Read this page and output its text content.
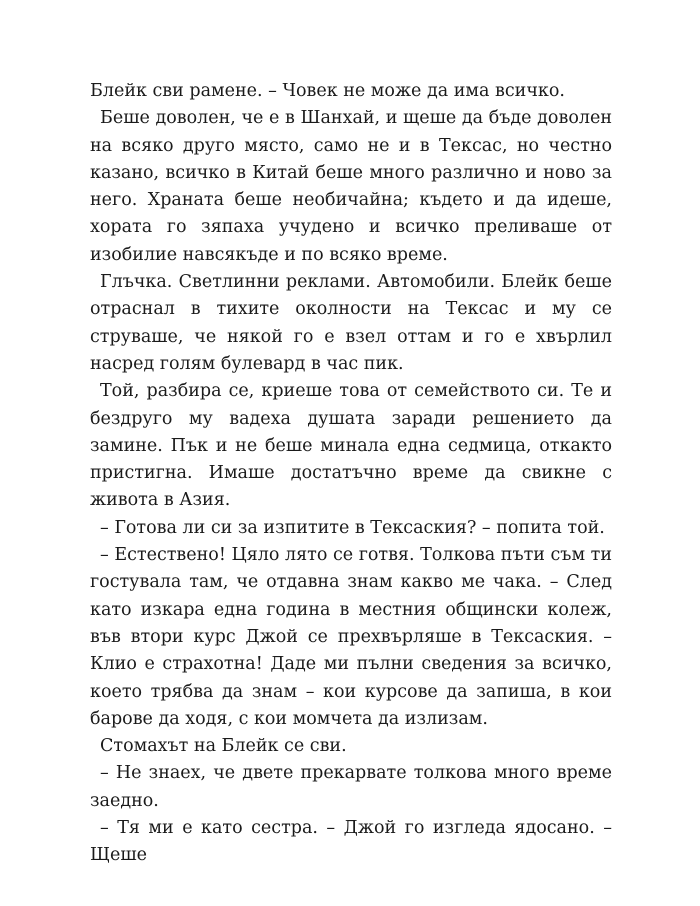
Блейк сви рамене. – Човек не може да има всичко.

Беше доволен, че е в Шанхай, и щеше да бъде доволен на всяко друго място, само не и в Тексас, но честно казано, всичко в Китай беше много различно и ново за него. Храната беше необичайна; където и да идеше, хората го зяпаха учудено и всичко преливаше от изобилие навсякъде и по всяко време.

Глъчка. Светлинни реклами. Автомобили. Блейк беше отраснал в тихите околности на Тексас и му се струваше, че някой го е взел оттам и го е хвърлил насред голям булевард в час пик.

Той, разбира се, криеше това от семейството си. Те и бездруго му вадеха душата заради решението да замине. Пък и не беше минала една седмица, откакто пристигна. Имаше достатъчно време да свикне с живота в Азия.

– Готова ли си за изпитите в Тексаския? – попита той.

– Естествено! Цяло лято се готвя. Толкова пъти съм ти гостувала там, че отдавна знам какво ме чака. – След като изкара една година в местния общински колеж, във втори курс Джой се прехвърляше в Тексаския. – Клио е страхотна! Даде ми пълни сведения за всичко, което трябва да знам – кои курсове да запиша, в кои барове да ходя, с кои момчета да излизам.

Стомахът на Блейк се сви.

– Не знаех, че двете прекарвате толкова много време заедно.

– Тя ми е като сестра. – Джой го изгледа ядосано. – Щеше
